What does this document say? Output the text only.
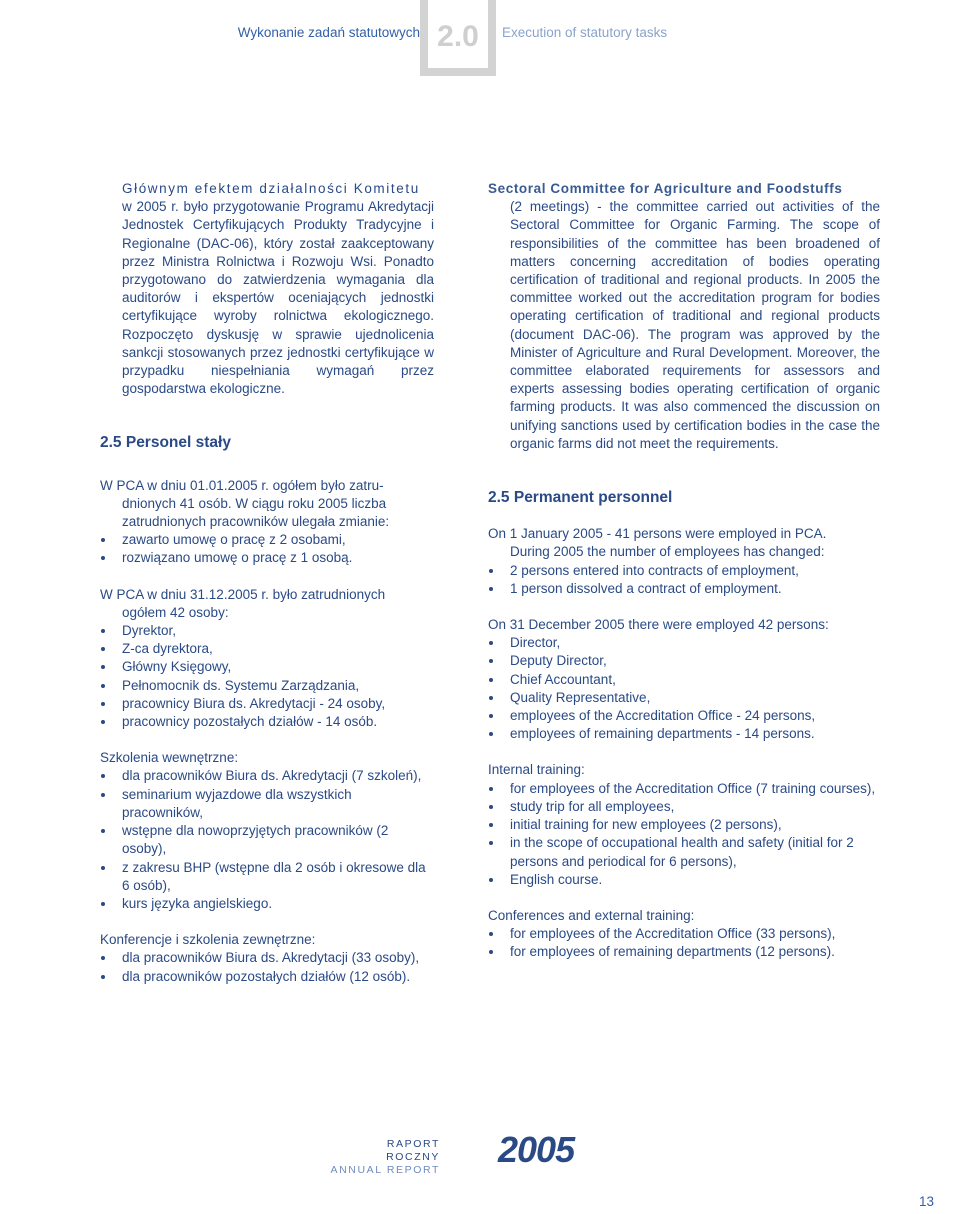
Wykonanie zadań statutowych 2.0	Execution of statutory tasks

Głównym efektem działalności Komitetu
w 2005 r. było przygotowanie Programu Akredytacji Jednostek Certyfikujących Produkty Tradycyjne i Regionalne (DAC-06), który został zaakceptowany przez Ministra Rolnictwa i Rozwoju Wsi. Ponadto przygotowano do zatwierdzenia wymagania dla auditorów i ekspertów oceniających jednostki certyfikujące wyroby rolnictwa ekologicznego. Rozpoczęto dyskusję w sprawie ujednolicenia sankcji stosowanych przez jednostki certyfikujące w przypadku niespełniania wymagań przez gospodarstwa ekologiczne.

2.5 Personel stały

W PCA w dniu 01.01.2005 r. ogółem było zatru-
dnionych 41 osób. W ciągu roku 2005 liczba zatrudnionych pracowników ulegała zmianie:

zawarto umowę o pracę z 2 osobami,
rozwiązano umowę o pracę z 1 osobą.

W PCA w dniu 31.12.2005 r. było zatrudnionych
ogółem 42 osoby:

Dyrektor,
Z-ca dyrektora,
Główny Księgowy,
Pełnomocnik ds. Systemu Zarządzania,
pracownicy Biura ds. Akredytacji - 24 osoby,
pracownicy pozostałych działów - 14 osób.

Szkolenia wewnętrzne:

dla pracowników Biura ds. Akredytacji (7 szkoleń),
seminarium wyjazdowe dla wszystkich pracowników,
wstępne dla nowoprzyjętych pracowników (2 osoby),
z zakresu BHP (wstępne dla 2 osób i okresowe dla 6 osób),
kurs języka angielskiego.

Konferencje i szkolenia zewnętrzne:

dla pracowników Biura ds. Akredytacji (33 osoby),
dla pracowników pozostałych działów (12 osób).

Sectoral Committee for Agriculture and Foodstuffs
(2 meetings) - the committee carried out activities of the Sectoral Committee for Organic Farming. The scope of responsibilities of the committee has been broadened of matters concerning accreditation of bodies operating certification of traditional and regional products. In 2005 the committee worked out the accreditation program for bodies operating certification of traditional and regional products (document DAC-06). The program was approved by the Minister of Agriculture and Rural Development. Moreover, the committee elaborated requirements for assessors and experts assessing bodies operating certification of organic farming products. It was also commenced the discussion on unifying sanctions used by certification bodies in the case the organic farms did not meet the requirements.

2.5 Permanent personnel

On 1 January 2005 - 41 persons were employed in PCA.
During 2005 the number of employees has changed:

2 persons entered into contracts of employment,
1 person dissolved a contract of employment.

On 31 December 2005 there were employed 42 persons:

Director,
Deputy Director,
Chief Accountant,
Quality Representative,
employees of the Accreditation Office - 24 persons,
employees of remaining departments - 14 persons.

Internal training:

for employees of the Accreditation Office (7 training courses),
study trip for all employees,
initial training for new employees (2 persons),
in the scope of occupational health and safety (initial for 2 persons and periodical for 6 persons),
English course.

Conferences and external training:

for employees of the Accreditation Office (33 persons),
for employees of remaining departments (12 persons).
RAPORT ROCZNY
ANNUAL REPORT 2005
13
